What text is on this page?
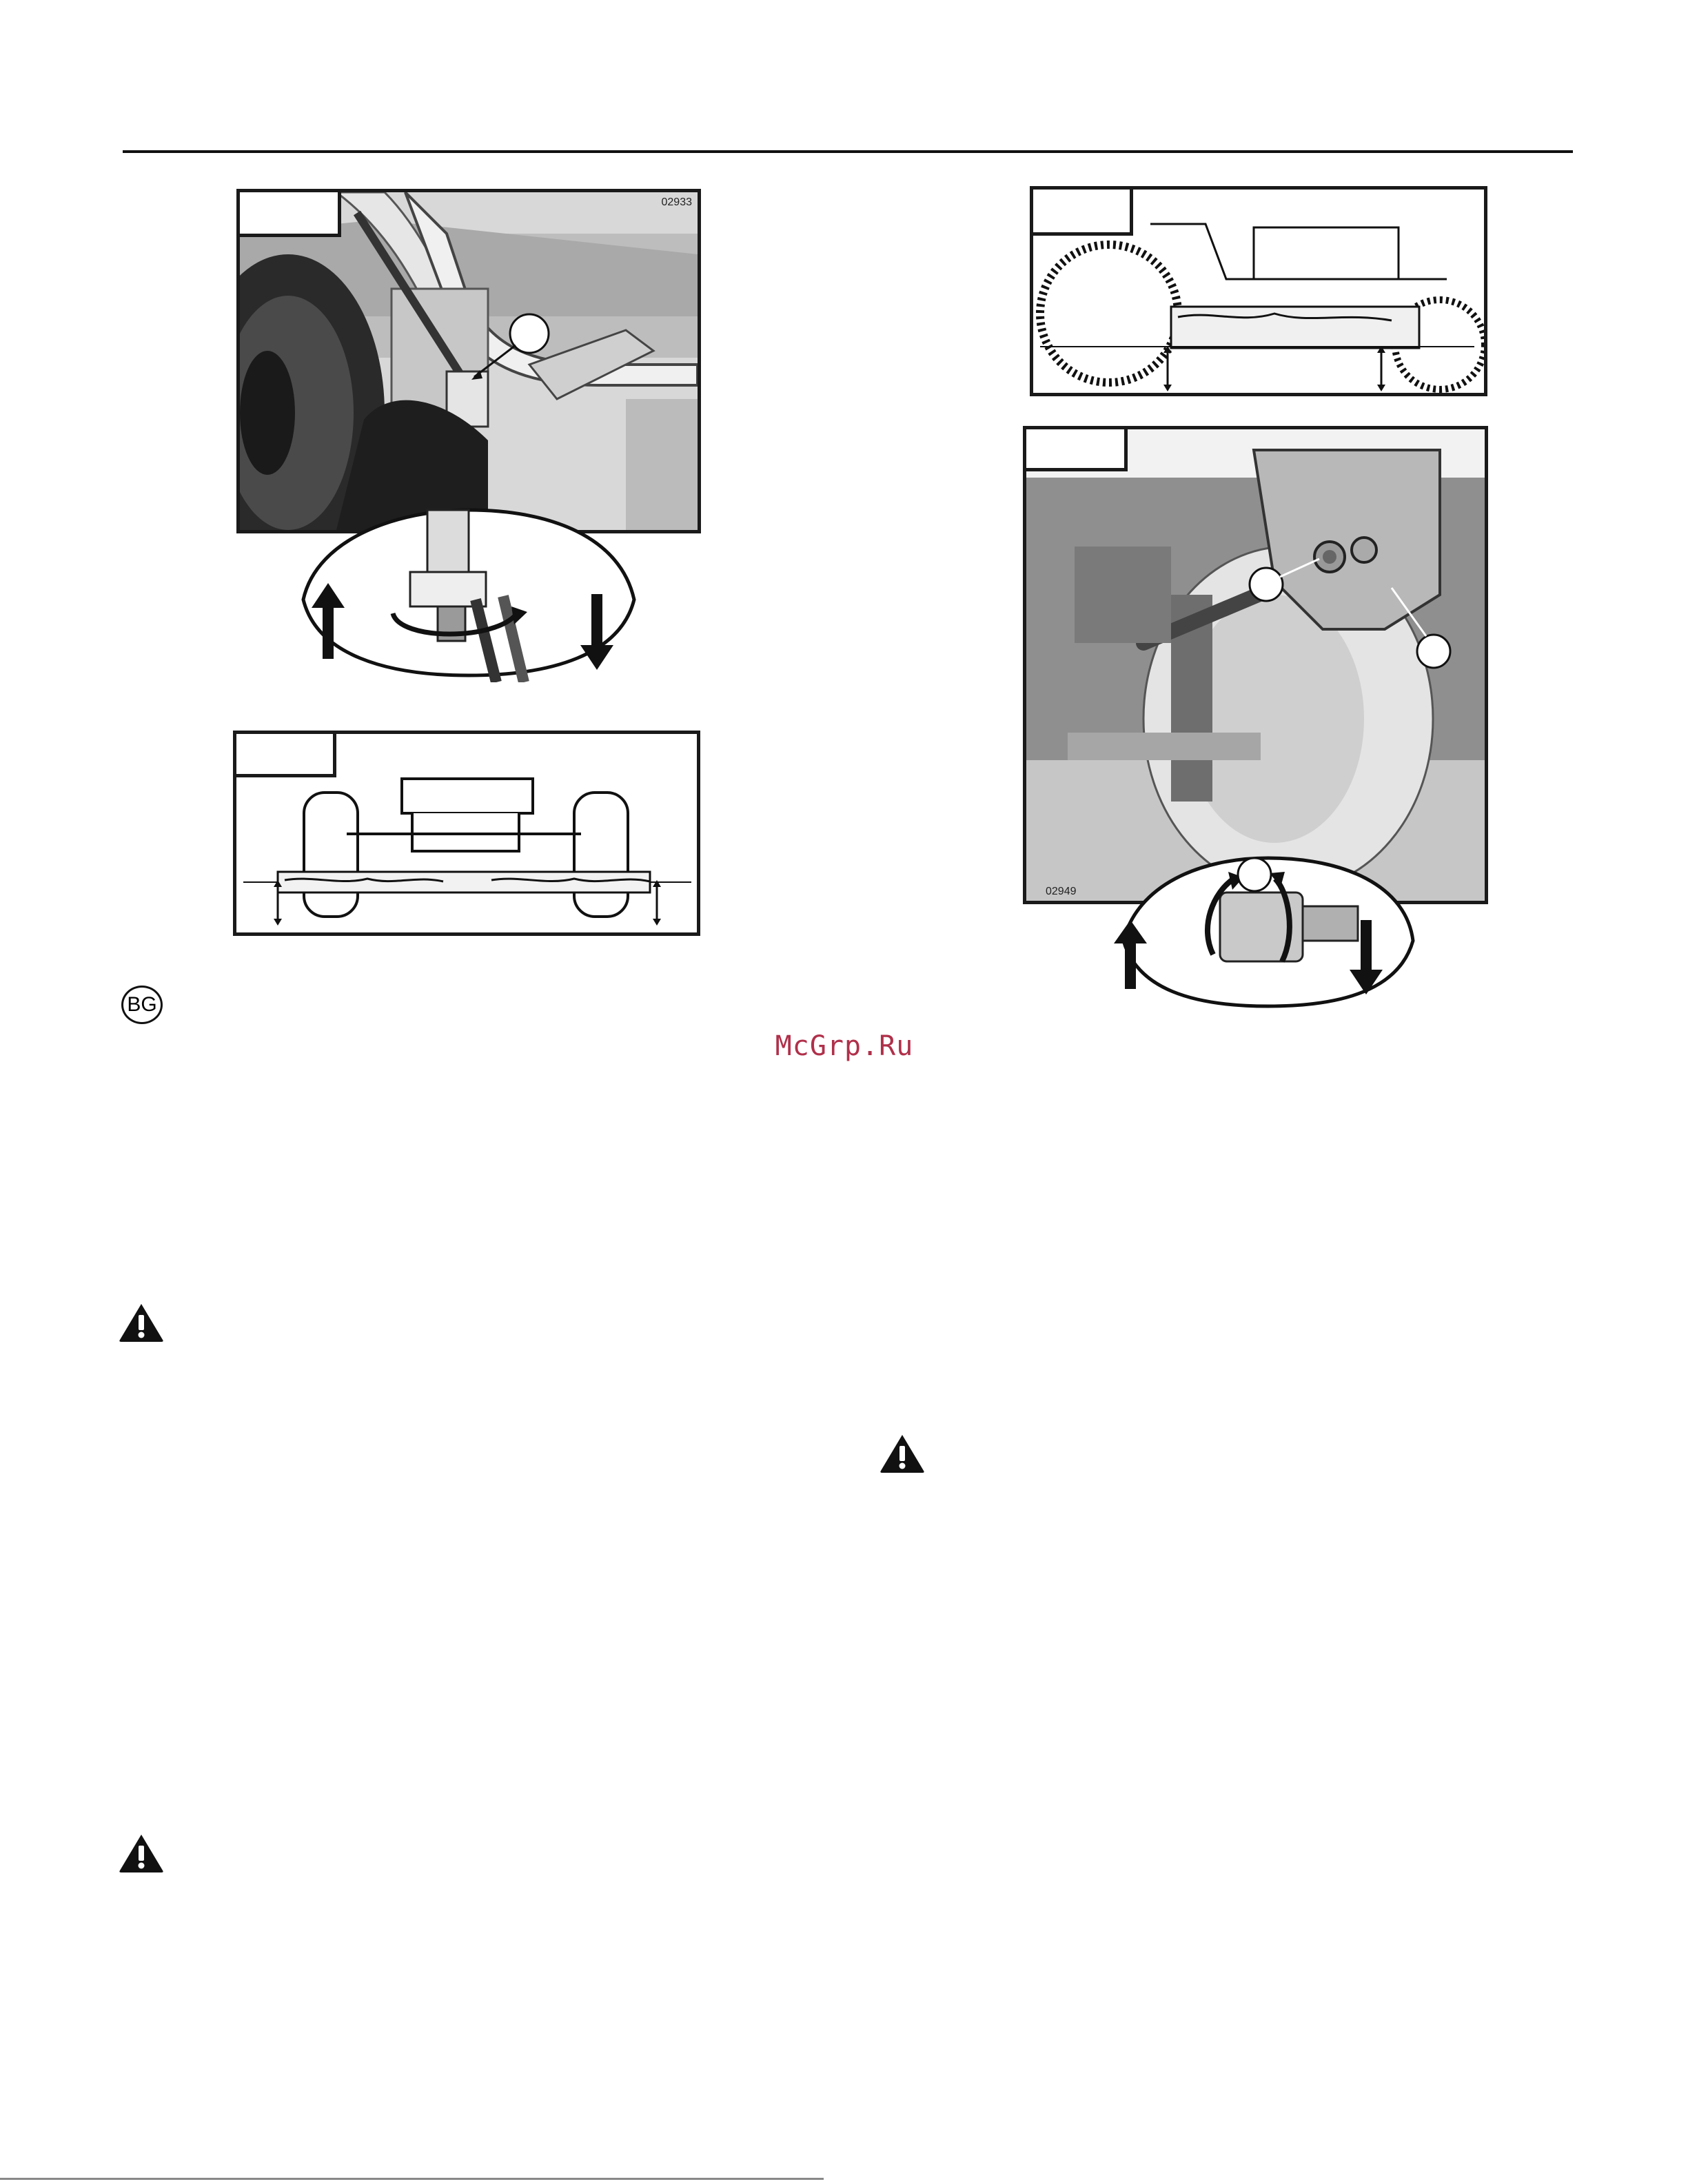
02933
02949
BG
McGrp.Ru
